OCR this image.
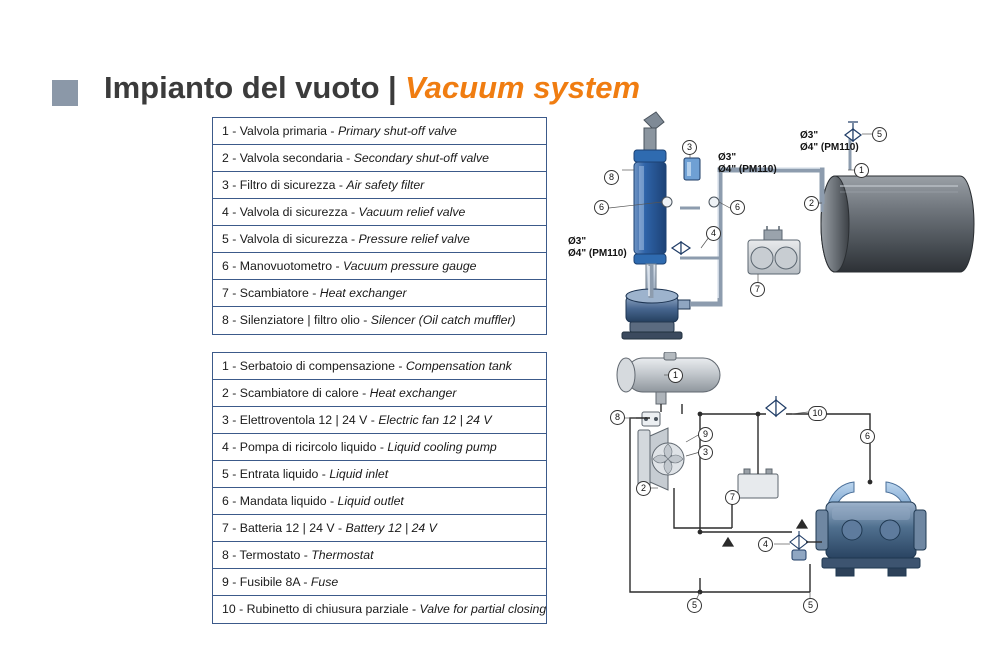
Impianto del vuoto | Vacuum system
1 - Valvola primaria - Primary shut-off valve
2 - Valvola secondaria - Secondary shut-off valve
3 - Filtro di sicurezza - Air safety filter
4 - Valvola di sicurezza - Vacuum relief valve
5 - Valvola di sicurezza - Pressure relief valve
6 - Manovuotometro - Vacuum pressure gauge
7 - Scambiatore - Heat exchanger
8 - Silenziatore | filtro olio - Silencer (Oil catch muffler)
1 - Serbatoio di compensazione - Compensation tank
2 - Scambiatore di calore - Heat exchanger
3 - Elettroventola 12 | 24 V - Electric fan 12 | 24 V
4 - Pompa di ricircolo liquido - Liquid cooling pump
5 - Entrata liquido - Liquid inlet
6 - Mandata liquido - Liquid outlet
7 - Batteria 12 | 24 V - Battery 12 | 24 V
8 - Termostato - Thermostat
9 - Fusibile 8A - Fuse
10 - Rubinetto di chiusura parziale - Valve for partial closing
8
3
6	6
4
7
2
1
5
Ø3"
Ø4" (PM110)
Ø3"
Ø4" (PM110)
Ø3"
Ø4" (PM110)
1
10
8
9
3
6
2
7
5
4
5
